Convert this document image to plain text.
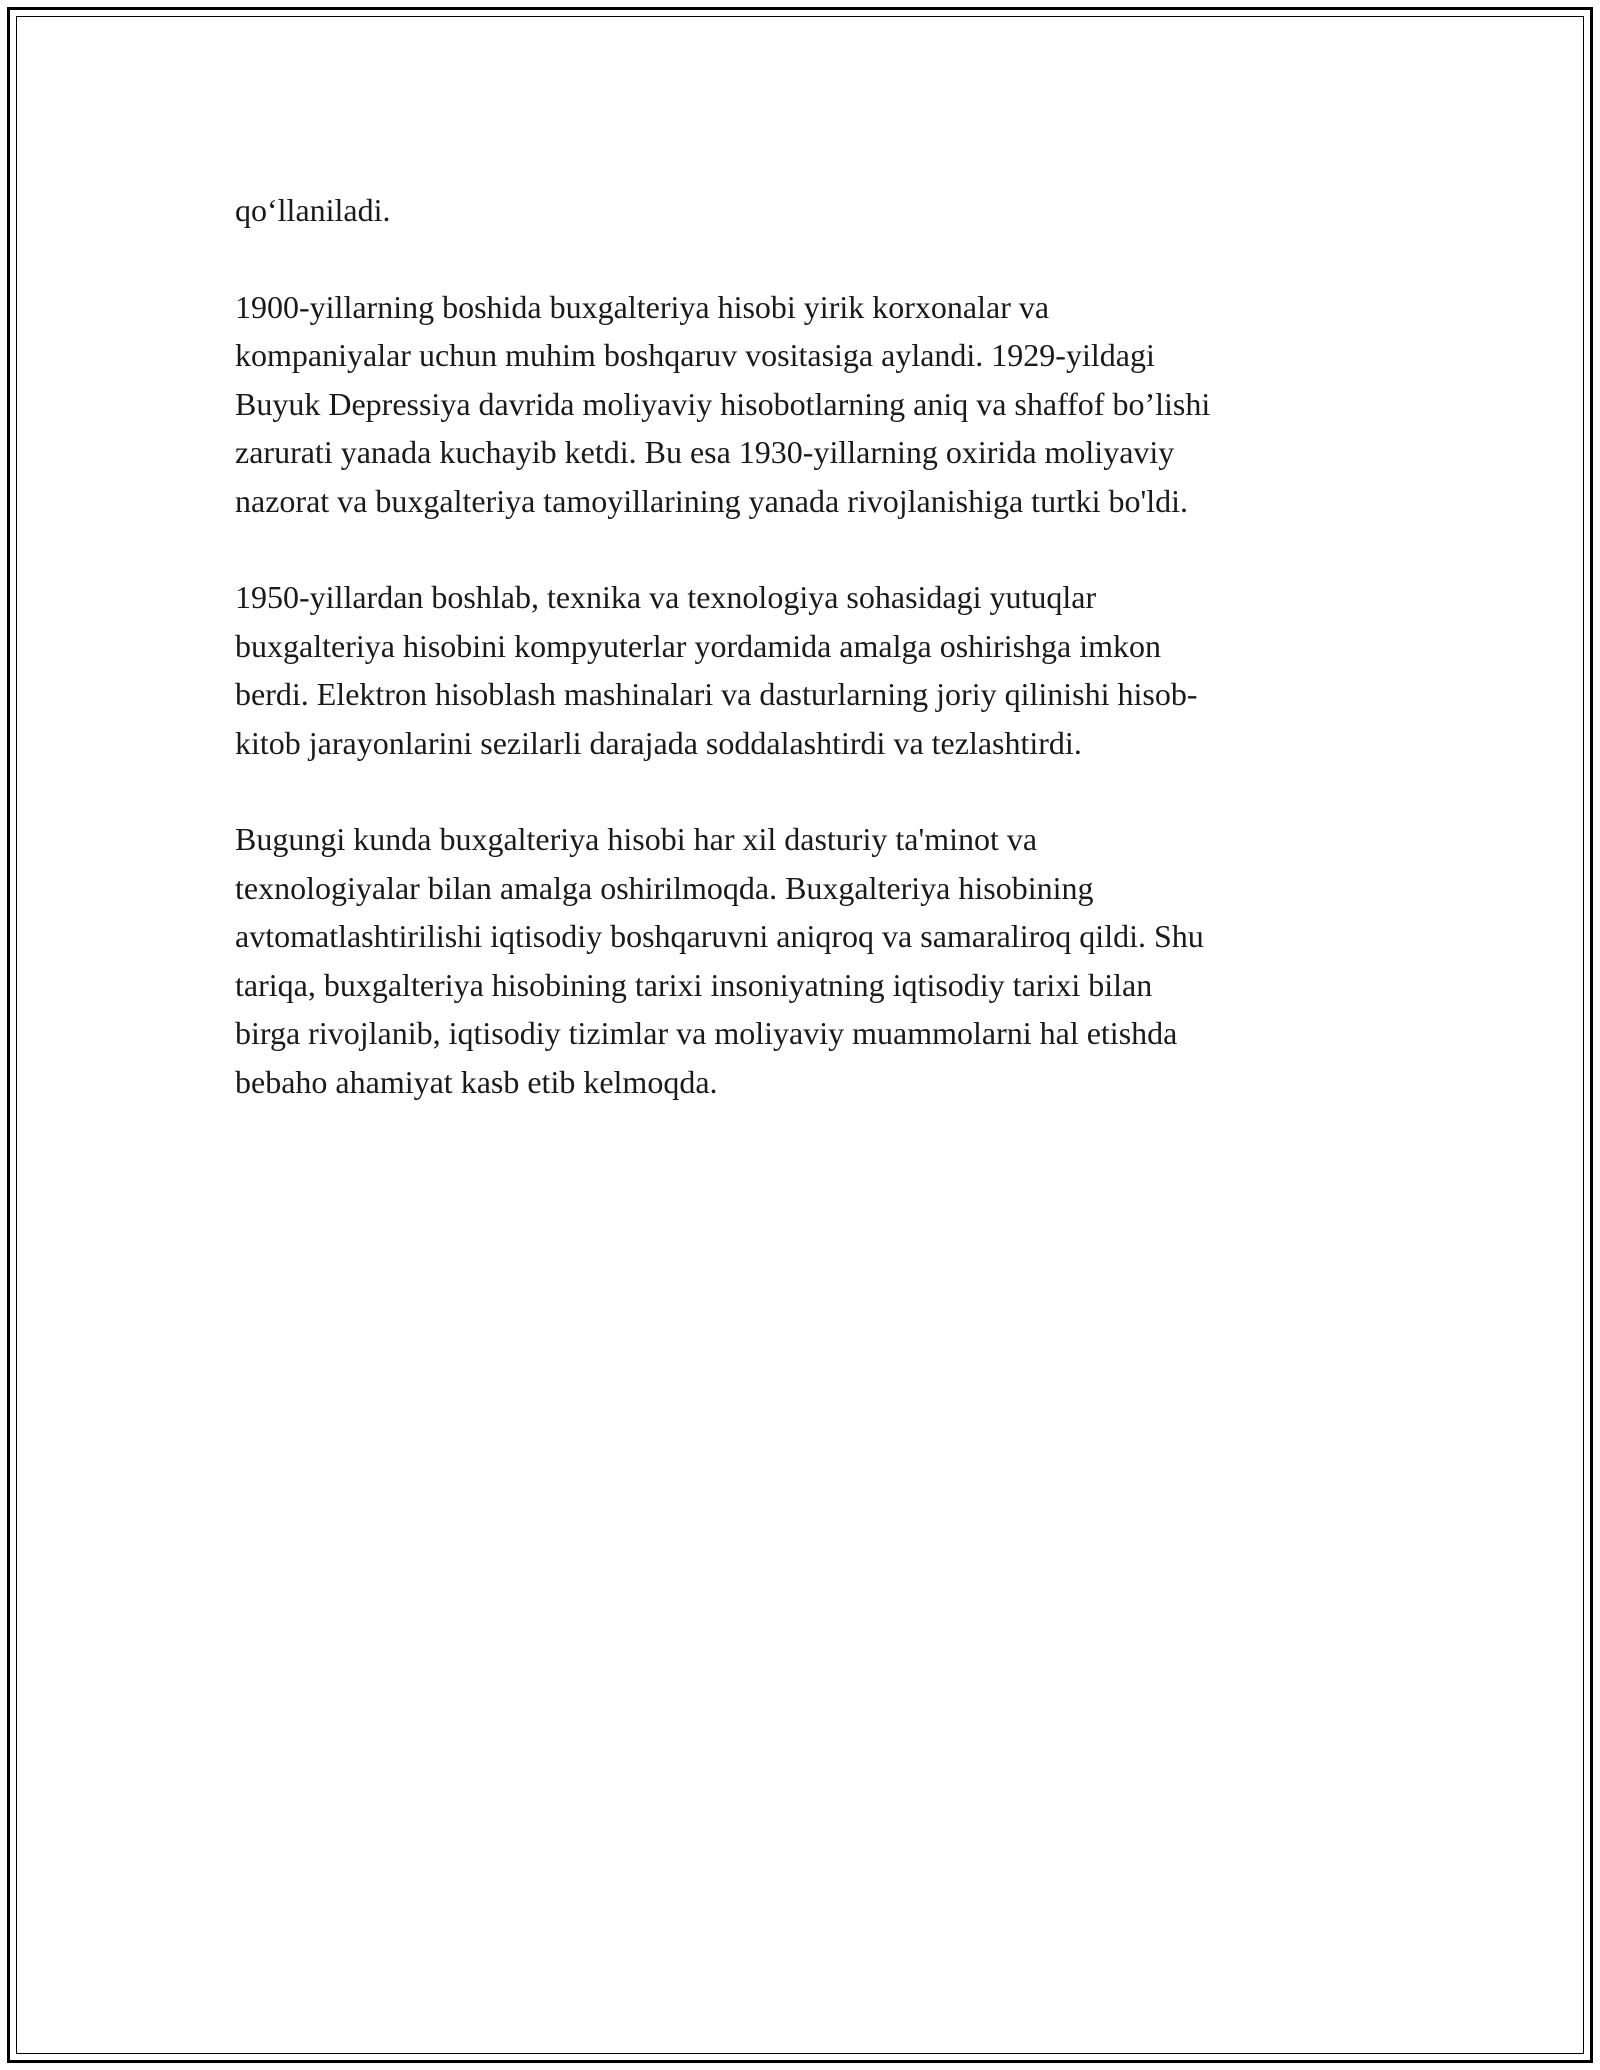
qo‘llaniladi.

1900-yillarning boshida buxgalteriya hisobi yirik korxonalar va
kompaniyalar uchun muhim boshqaruv vositasiga aylandi. 1929-yildagi
Buyuk Depressiya davrida moliyaviy hisobotlarning aniq va shaffof bo’lishi
zarurati yanada kuchayib ketdi. Bu esa 1930-yillarning oxirida moliyaviy
nazorat va buxgalteriya tamoyillarining yanada rivojlanishiga turtki bo'ldi.

1950-yillardan boshlab, texnika va texnologiya sohasidagi yutuqlar
buxgalteriya hisobini kompyuterlar yordamida amalga oshirishga imkon
berdi. Elektron hisoblash mashinalari va dasturlarning joriy qilinishi hisob-
kitob jarayonlarini sezilarli darajada soddalashtirdi va tezlashtirdi.

Bugungi kunda buxgalteriya hisobi har xil dasturiy ta'minot va
texnologiyalar bilan amalga oshirilmoqda. Buxgalteriya hisobining
avtomatlashtirilishi iqtisodiy boshqaruvni aniqroq va samaraliroq qildi. Shu
tariqa, buxgalteriya hisobining tarixi insoniyatning iqtisodiy tarixi bilan
birga rivojlanib, iqtisodiy tizimlar va moliyaviy muammolarni hal etishda
bebaho ahamiyat kasb etib kelmoqda.
